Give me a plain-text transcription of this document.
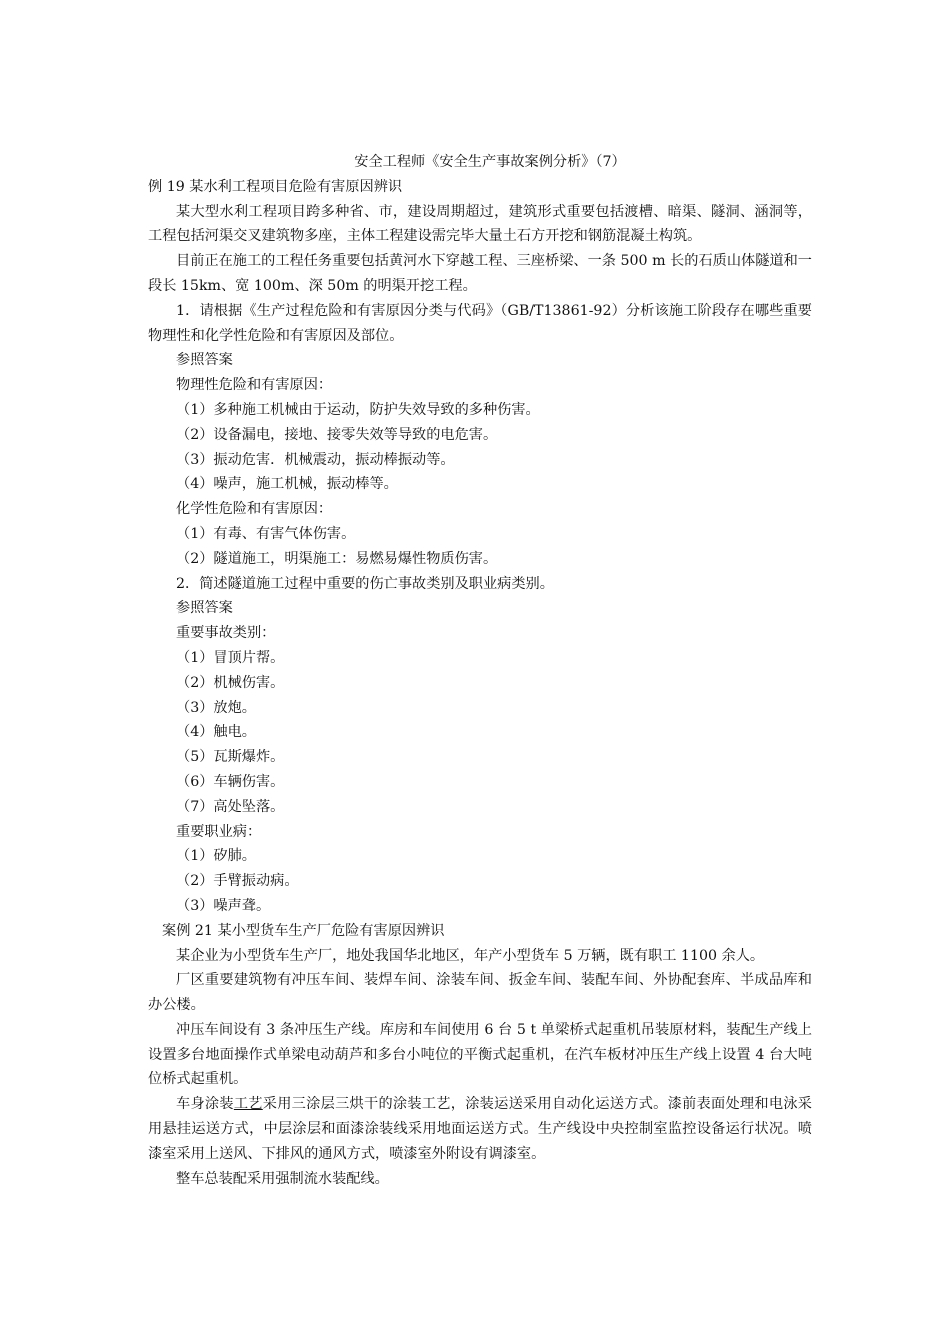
安全工程师《安全生产事故案例分析》（7）

例 19 某水利工程项目危险有害原因辨识

某大型水利工程项目跨多种省、市，建设周期超过，建筑形式重要包括渡槽、暗渠、隧洞、涵洞等，工程包括河渠交叉建筑物多座，主体工程建设需完毕大量土石方开挖和钢筋混凝土构筑。

目前正在施工的工程任务重要包括黄河水下穿越工程、三座桥梁、一条 500 m 长的石质山体隧道和一段长 15km、宽 100m、深 50m 的明渠开挖工程。

1．请根据《生产过程危险和有害原因分类与代码》（GB/T13861-92）分析该施工阶段存在哪些重要物理性和化学性危险和有害原因及部位。

参照答案

物理性危险和有害原因：

（1）多种施工机械由于运动，防护失效导致的多种伤害。

（2）设备漏电，接地、接零失效等导致的电危害。

（3）振动危害．机械震动，振动棒振动等。

（4）噪声，施工机械，振动棒等。

化学性危险和有害原因：

（1）有毒、有害气体伤害。

（2）隧道施工，明渠施工：易燃易爆性物质伤害。

2．简述隧道施工过程中重要的伤亡事故类别及职业病类别。

参照答案

重要事故类别：

（1）冒顶片帮。

（2）机械伤害。

（3）放炮。

（4）触电。

（5）瓦斯爆炸。

（6）车辆伤害。

（7）高处坠落。

重要职业病：

（1）矽肺。

（2）手臂振动病。

（3）噪声聋。

案例 21 某小型货车生产厂危险有害原因辨识

某企业为小型货车生产厂，地处我国华北地区，年产小型货车 5 万辆，既有职工 1100 余人。

厂区重要建筑物有冲压车间、装焊车间、涂装车间、扳金车间、装配车间、外协配套库、半成品库和办公楼。

冲压车间设有 3 条冲压生产线。库房和车间使用 6 台 5 t 单梁桥式起重机吊装原材料，装配生产线上设置多台地面操作式单梁电动葫芦和多台小吨位的平衡式起重机，在汽车板材冲压生产线上设置 4 台大吨位桥式起重机。

车身涂装工艺采用三涂层三烘干的涂装工艺，涂装运送采用自动化运送方式。漆前表面处理和电泳采用悬挂运送方式，中层涂层和面漆涂装线采用地面运送方式。生产线设中央控制室监控设备运行状况。喷漆室采用上送风、下排风的通风方式，喷漆室外附设有调漆室。

整车总装配采用强制流水装配线。
